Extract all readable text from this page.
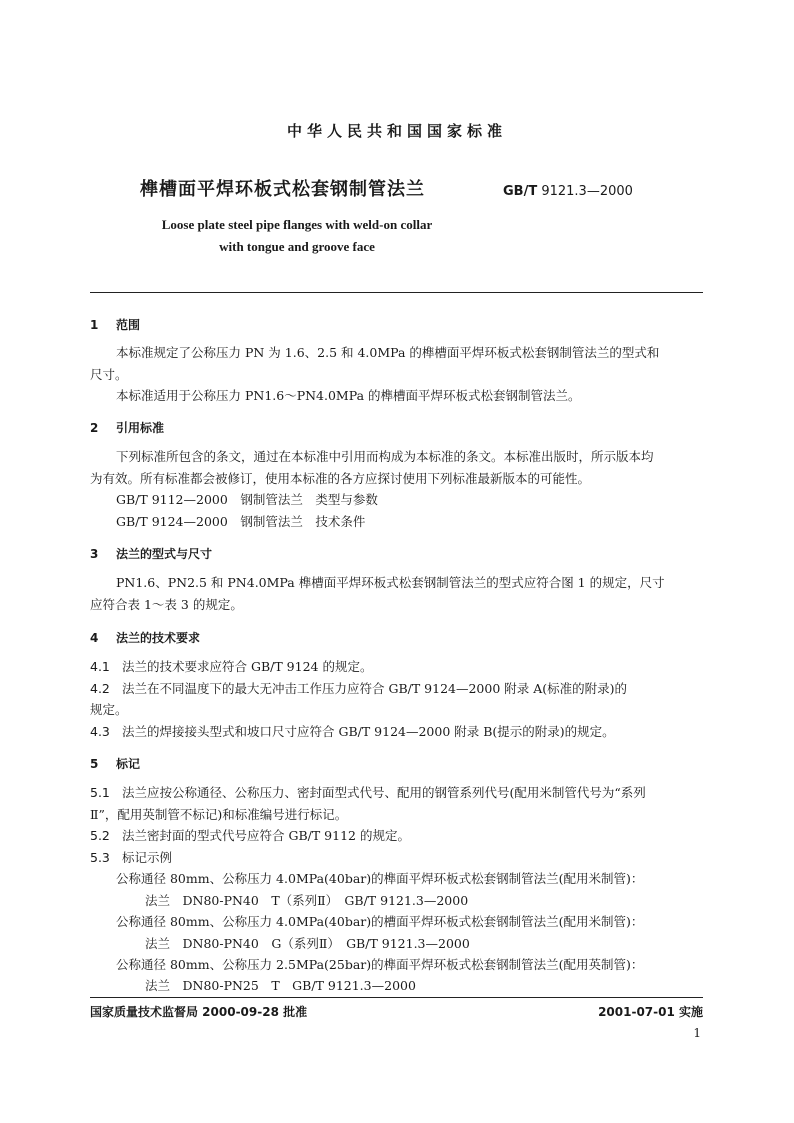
中华人民共和国国家标准
榫槽面平焊环板式松套钢制管法兰	GB/T 9121.3—2000
Loose plate steel pipe flanges with weld-on collar
with tongue and groove face
1 范围
本标准规定了公称压力 PN 为 1.6、2.5 和 4.0MPa 的榫槽面平焊环板式松套钢制管法兰的型式和
尺寸。
本标准适用于公称压力 PN1.6～PN4.0MPa 的榫槽面平焊环板式松套钢制管法兰。
2 引用标准
下列标准所包含的条文，通过在本标准中引用而构成为本标准的条文。本标准出版时，所示版本均
为有效。所有标准都会被修订，使用本标准的各方应探讨使用下列标准最新版本的可能性。
GB/T 9112—2000　 钢制管法兰　类型与参数
GB/T 9124—2000　 钢制管法兰　技术条件
3 法兰的型式与尺寸
PN1.6、PN2.5 和 PN4.0MPa 榫槽面平焊环板式松套钢制管法兰的型式应符合图 1 的规定，尺寸
应符合表 1～表 3 的规定。
4 法兰的技术要求
4.1 法兰的技术要求应符合 GB/T 9124 的规定。
4.2 法兰在不同温度下的最大无冲击工作压力应符合 GB/T 9124—2000 附录 A(标准的附录)的
规定。
4.3 法兰的焊接接头型式和坡口尺寸应符合 GB/T 9124—2000 附录 B(提示的附录)的规定。
5 标记
5.1 法兰应按公称通径、公称压力、密封面型式代号、配用的钢管系列代号(配用米制管代号为“系列
Ⅱ”，配用英制管不标记)和标准编号进行标记。
5.2 法兰密封面的型式代号应符合 GB/T 9112 的规定。
5.3 标记示例
公称通径 80mm、公称压力 4.0MPa(40bar)的榫面平焊环板式松套钢制管法兰(配用米制管)：
法兰　DN80-PN40　T（系列Ⅱ）　GB/T 9121.3—2000
公称通径 80mm、公称压力 4.0MPa(40bar)的槽面平焊环板式松套钢制管法兰(配用米制管)：
法兰　DN80-PN40　G（系列Ⅱ）　GB/T 9121.3—2000
公称通径 80mm、公称压力 2.5MPa(25bar)的榫面平焊环板式松套钢制管法兰(配用英制管)：
法兰　DN80-PN25　T　GB/T 9121.3—2000
国家质量技术监督局 2000-09-28 批准	2001-07-01 实施
1
